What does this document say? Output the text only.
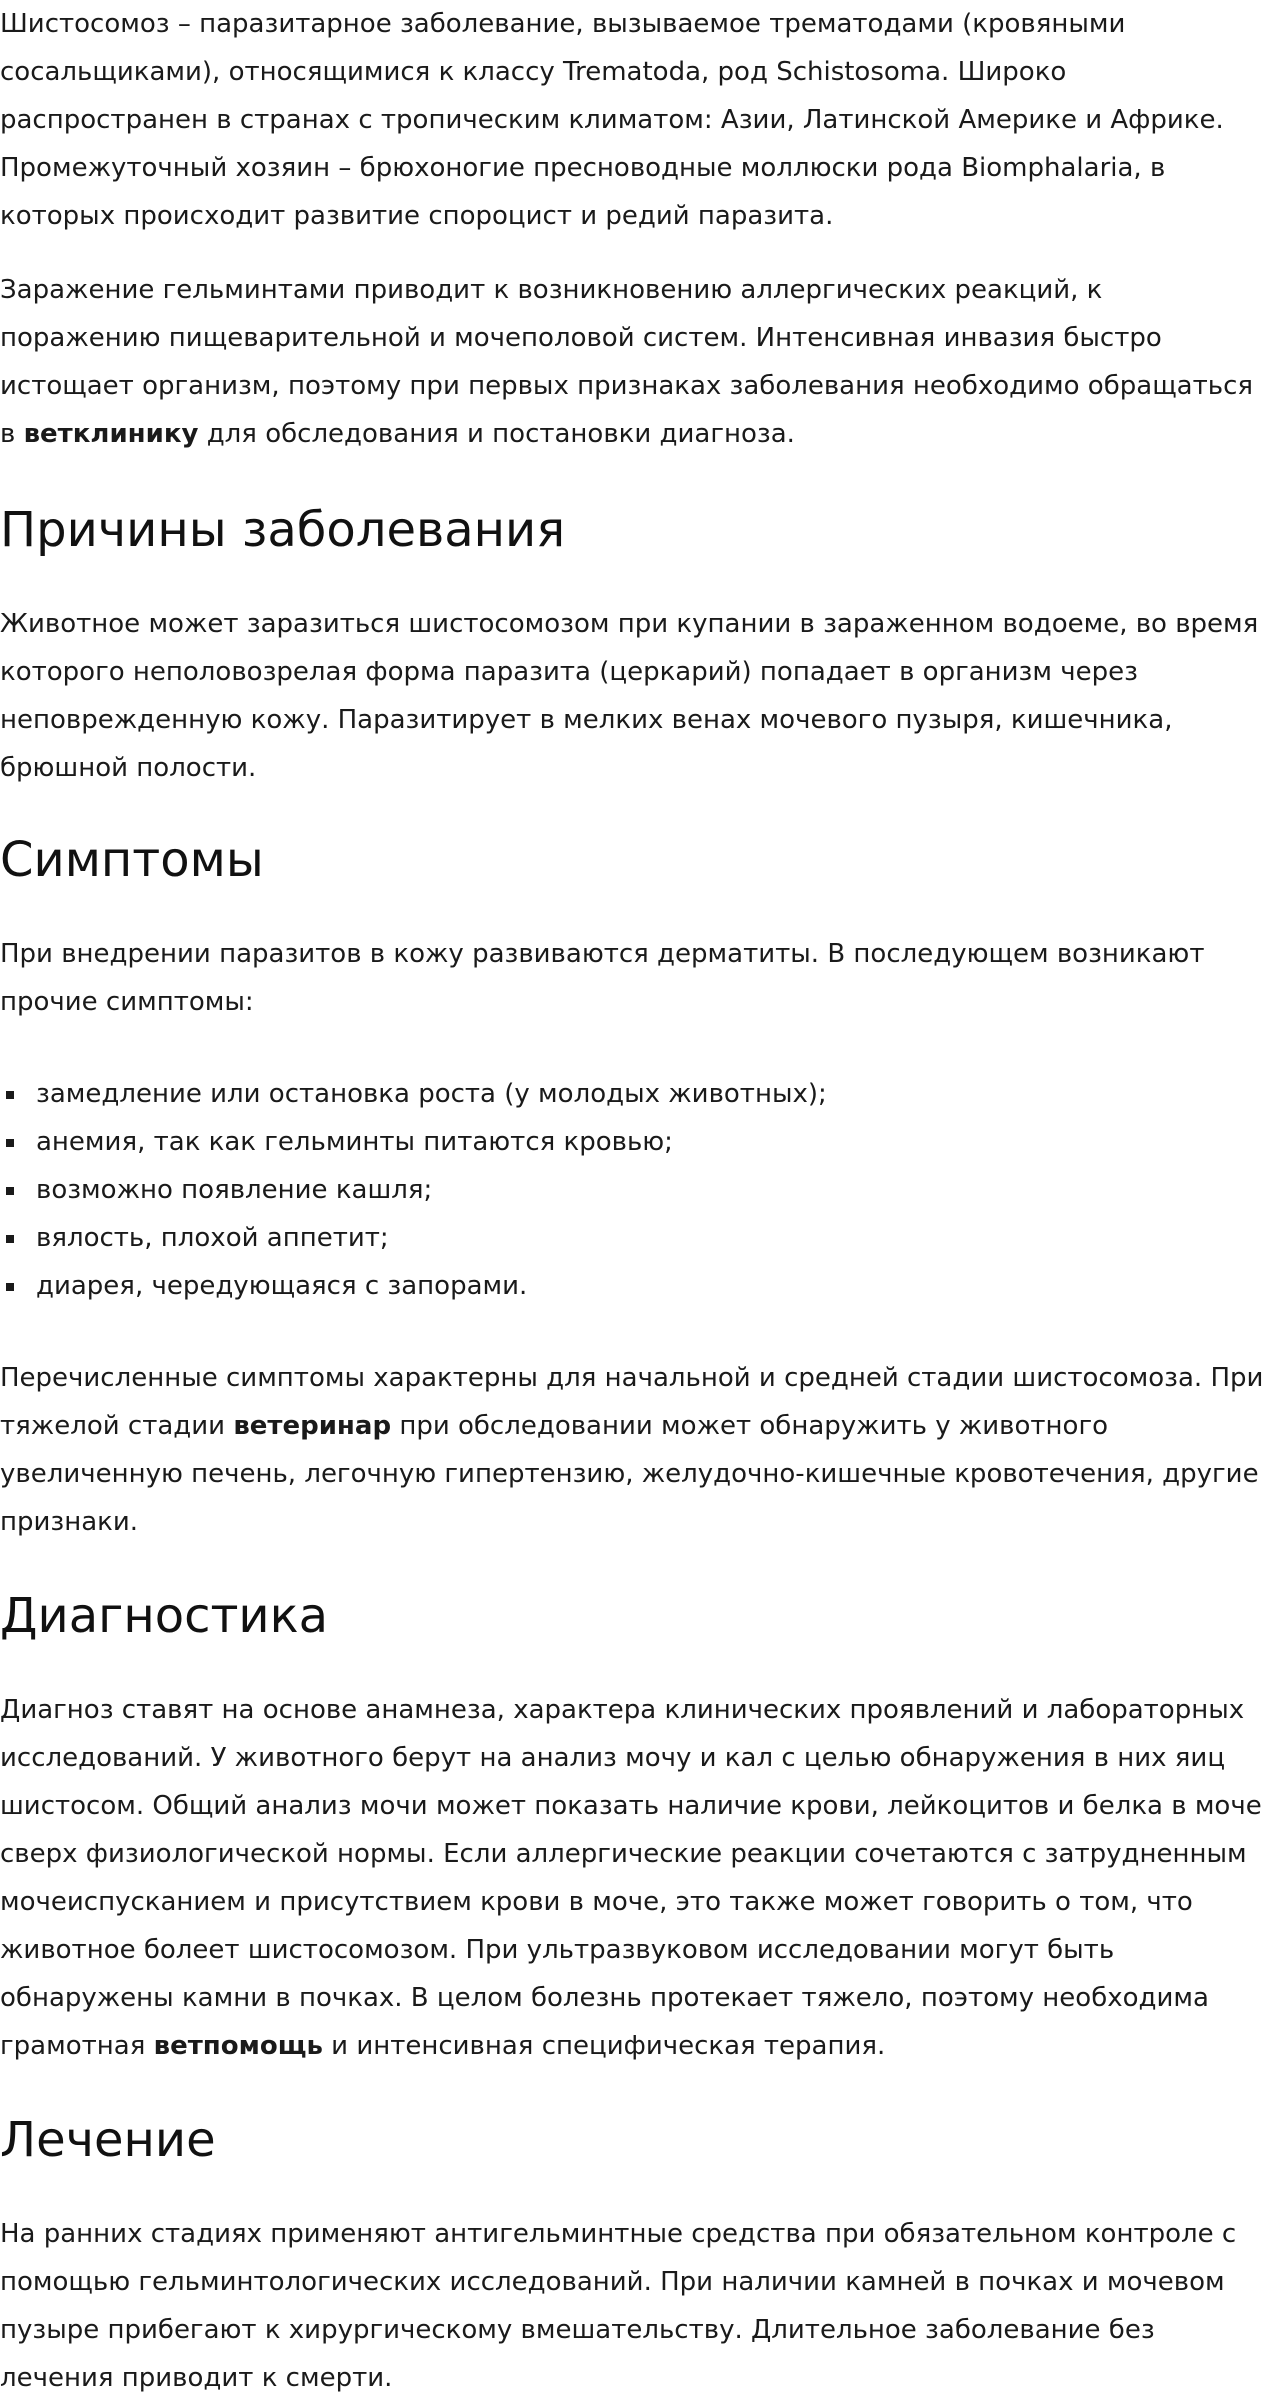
Шистосомоз – паразитарное заболевание, вызываемое трематодами (кровяными сосальщиками), относящимися к классу Trematoda, род Schistosoma. Широко распространен в странах с тропическим климатом: Азии, Латинской Америке и Африке. Промежуточный хозяин – брюхоногие пресноводные моллюски рода Biomphalaria, в которых происходит развитие спороцист и редий паразита.

Заражение гельминтами приводит к возникновению аллергических реакций, к поражению пищеварительной и мочеполовой систем. Интенсивная инвазия быстро истощает организм, поэтому при первых признаках заболевания необходимо обращаться в ветклинику для обследования и постановки диагноза.

Причины заболевания

Животное может заразиться шистосомозом при купании в зараженном водоеме, во время которого неполовозрелая форма паразита (церкарий) попадает в организм через неповрежденную кожу. Паразитирует в мелких венах мочевого пузыря, кишечника, брюшной полости.

Симптомы

При внедрении паразитов в кожу развиваются дерматиты. В последующем возникают прочие симптомы:

замедление или остановка роста (у молодых животных);
анемия, так как гельминты питаются кровью;
возможно появление кашля;
вялость, плохой аппетит;
диарея, чередующаяся с запорами.

Перечисленные симптомы характерны для начальной и средней стадии шистосомоза. При тяжелой стадии ветеринар при обследовании может обнаружить у животного увеличенную печень, легочную гипертензию, желудочно-кишечные кровотечения, другие признаки.

Диагностика

Диагноз ставят на основе анамнеза, характера клинических проявлений и лабораторных исследований. У животного берут на анализ мочу и кал с целью обнаружения в них яиц шистосом. Общий анализ мочи может показать наличие крови, лейкоцитов и белка в моче сверх физиологической нормы. Если аллергические реакции сочетаются с затрудненным мочеиспусканием и присутствием крови в моче, это также может говорить о том, что животное болеет шистосомозом. При ультразвуковом исследовании могут быть обнаружены камни в почках. В целом болезнь протекает тяжело, поэтому необходима грамотная ветпомощь и интенсивная специфическая терапия.

Лечение

На ранних стадиях применяют антигельминтные средства при обязательном контроле с помощью гельминтологических исследований. При наличии камней в почках и мочевом пузыре прибегают к хирургическому вмешательству. Длительное заболевание без лечения приводит к смерти.
